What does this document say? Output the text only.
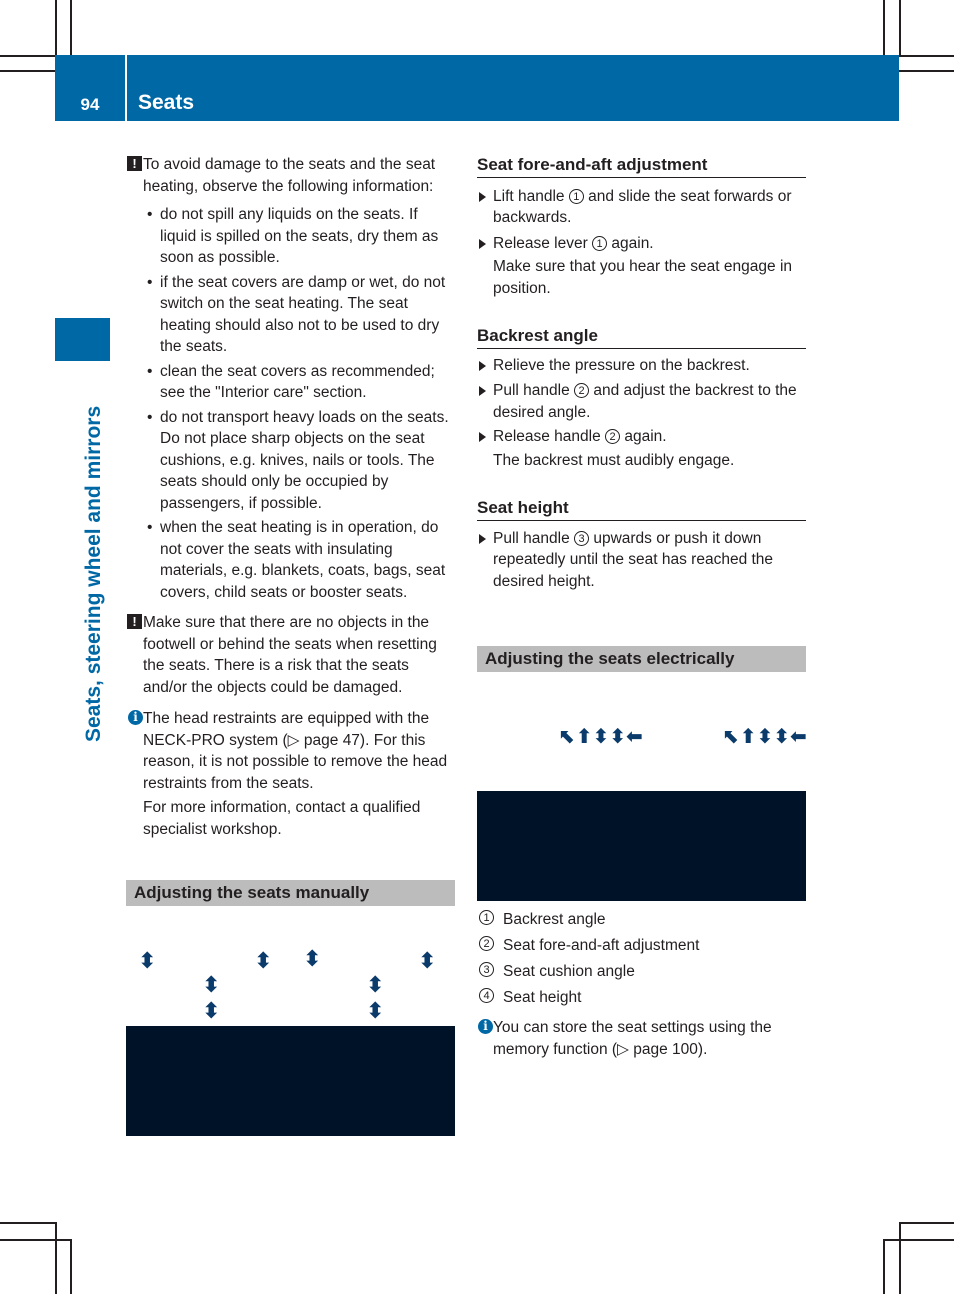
94	Seats
Seats, steering wheel and mirrors
! To avoid damage to the seats and the seat heating, observe the following information:

• do not spill any liquids on the seats. If liquid is spilled on the seats, dry them as soon as possible.
• if the seat covers are damp or wet, do not switch on the seat heating. The seat heating should also not to be used to dry the seats.
• clean the seat covers as recommended; see the "Interior care" section.
• do not transport heavy loads on the seats. Do not place sharp objects on the seat cushions, e.g. knives, nails or tools. The seats should only be occupied by passengers, if possible.
• when the seat heating is in operation, do not cover the seats with insulating materials, e.g. blankets, coats, bags, seat covers, child seats or booster seats.
! Make sure that there are no objects in the footwell or behind the seats when resetting the seats. There is a risk that the seats and/or the objects could be damaged.

i The head restraints are equipped with the NECK-PRO system (▷ page 47). For this reason, it is not possible to remove the head restraints from the seats.

For more information, contact a qualified specialist workshop.

Adjusting the seats manually
⬍
⬍
⬍
⬍ ⬍
⬍
⬍
⬍
Seat fore-and-aft adjustment
Lift handle 1 and slide the seat forwards or backwards.
Release lever 1 again.

Make sure that you hear the seat engage in position.

Backrest angle
Relieve the pressure on the backrest.
Pull handle 2 and adjust the backrest to the desired angle.
Release handle 2 again.

The backrest must audibly engage.

Seat height
Pull handle 3 upwards or push it down repeatedly until the seat has reached the desired height.
Adjusting the seats electrically
⬉⬆⬍⬍⬅	⬉⬆⬍⬍⬅
1 Backrest angle
2 Seat fore-and-aft adjustment
3 Seat cushion angle
4 Seat height
i You can store the seat settings using the memory function (▷ page 100).
